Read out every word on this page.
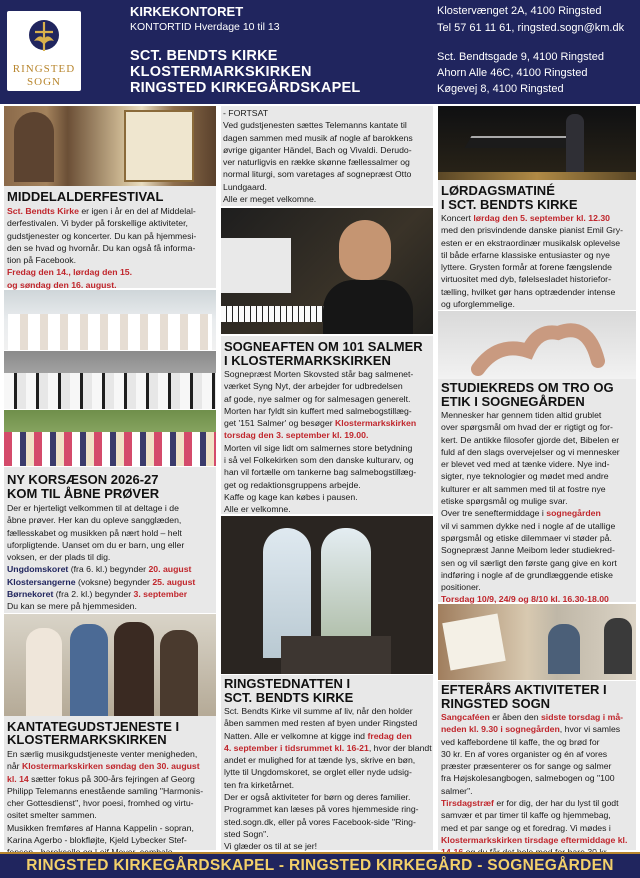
RINGSTED
SOGN
KIRKEKONTORET
KONTORTID Hverdage 10 til 13
SCT. BENDTS KIRKE
KLOSTERMARKSKIRKEN
RINGSTED KIRKEGÅRDSKAPEL
Klostervænget 2A, 4100 Ringsted
Tel 57 61 11 61, ringsted.sogn@km.dk
Sct. Bendtsgade 9, 4100 Ringsted
Ahorn Alle 46C, 4100 Ringsted
Køgevej 8, 4100 Ringsted
MIDDELALDERFESTIVAL
Sct. Bendts Kirke er igen i år en del af Middelal-
derfestivalen. Vi byder på forskellige aktiviteter,
gudstjenester og koncerter. Du kan på hjemmesi-
den se hvad og hvornår. Du kan også få informa-
tion på Facebook.
Fredag den 14., lørdag den 15.
og søndag den 16. august.
NY KORSÆSON 2026-27
KOM TIL ÅBNE PRØVER
Der er hjerteligt velkommen til at deltage i de
åbne prøver. Her kan du opleve sangglæden,
fællesskabet og musikken på nært hold – helt
uforpligtende. Uanset om du er barn, ung eller
voksen, er der plads til dig.
Ungdomskoret (fra 6. kl.) begynder 20. august
Klostersangerne (voksne) begynder 25. august
Børnekoret (fra 2. kl.) begynder 3. september
Du kan se mere på hjemmesiden.
KANTATEGUDSTJENESTE I
KLOSTERMARKSKIRKEN
En særlig musikgudstjeneste venter menigheden,
når Klostermarkskirken søndag den 30. august
kl. 14 sætter fokus på 300-års fejringen af Georg
Philipp Telemanns enestående samling "Harmonis-
cher Gottesdienst", hvor poesi, fromhed og virtu-
ositet smelter sammen.
Musikken fremføres af Hanna Kappelin - sopran,
Karina Agerbo - blokfløjte, Kjeld Lybecker Stef-
- FORTSAT
Ved gudstjenesten sættes Telemanns kantate til
dagen sammen med musik af nogle af barokkens
øvrige giganter Händel, Bach og Vivaldi. Derudo-
ver naturligvis en række skønne fællessalmer og
normal liturgi, som varetages af sognepræst Otto
Lundgaard.
Alle er meget velkomne.
SOGNEAFTEN OM 101 SALMER
I KLOSTERMARKSKIRKEN
Sognepræst Morten Skovsted står bag salmenet-
værket Syng Nyt, der arbejder for udbredelsen
af gode, nye salmer og for salmesagen generelt.
Morten har fyldt sin kuffert med salmebogstillæg-
get '151 Salmer' og besøger Klostermarkskirken
torsdag den 3. september kl. 19.00.
Morten vil sige lidt om salmernes store betydning
i så vel Folkekirken som den danske kulturarv, og
han vil fortælle om tankerne bag salmebogstillæg-
get og redaktionsgruppens arbejde.
Kaffe og kage kan købes i pausen.
Alle er velkomne.
RINGSTEDNATTEN I
SCT. BENDTS KIRKE
Sct. Bendts Kirke vil summe af liv, når den holder
åben sammen med resten af byen under Ringsted
Natten. Alle er velkomne at kigge ind fredag den
4. september i tidsrummet kl. 16-21, hvor der blandt
andet er mulighed for at tænde lys, skrive en bøn,
lytte til Ungdomskoret, se orglet eller nyde udsig-
ten fra kirketårnet.
Der er også aktiviteter for børn og deres familier.
Programmet kan læses på vores hjemmeside ring-
sted.sogn.dk, eller på vores Facebook-side "Ring-
sted Sogn".
Vi glæder os til at se jer!
LØRDAGSMATINÉ
I SCT. BENDTS KIRKE
Koncert lørdag den 5. september kl. 12.30
med den prisvindende danske pianist Emil Gry-
esten er en ekstraordinær musikalsk oplevelse
til både erfarne klassiske entusiaster og nye
lyttere. Grysten formår at forene fængslende
virtuositet med dyb, følelsesladet historiefor-
tælling, hvilket gør hans optrædender intense
og uforglemmelige.
STUDIEKREDS OM TRO OG
ETIK I SOGNEGÅRDEN
Mennesker har gennem tiden altid grublet
over spørgsmål om hvad der er rigtigt og for-
kert. De antikke filosofer gjorde det, Bibelen er
fuld af den slags overvejelser og vi mennesker
er blevet ved med at tænke videre. Nye ind-
sigter, nye teknologier og mødet med andre
kulturer er alt sammen med til at fostre nye
etiske spørgsmål og mulige svar.
Over tre seneftermiddage i sognegården
vil vi sammen dykke ned i nogle af de utallige
spørgsmål og etiske dilemmaer vi støder på.
Sognepræst Janne Meibom leder studiekred-
sen og vil særligt den første gang give en kort
indføring i nogle af de grundlæggende etiske
positioner.
Torsdag 10/9, 24/9 og 8/10 kl. 16.30-18.00
EFTERÅRS AKTIVITETER I
RINGSTED SOGN
Sangcaféen er åben den sidste torsdag i må-
neden kl. 9.30 i sognegården, hvor vi samles
ved kaffebordene til kaffe, the og brød for
30 kr. En af vores organister og én af vores
præster præsenterer os for sange og salmer
fra Højskolesangbogen, salmebogen og "100
salmer".
Tirsdagstræf er for dig, der har du lyst til godt
samvær et par timer til kaffe og hjemmebag,
med et par sange og et foredrag. Vi mødes i
Klostermarkskirken tirsdage eftermiddage kl.
RINGSTED KIRKEGÅRDSKAPEL - RINGSTED KIRKEGÅRD - SOGNEGÅRDEN
